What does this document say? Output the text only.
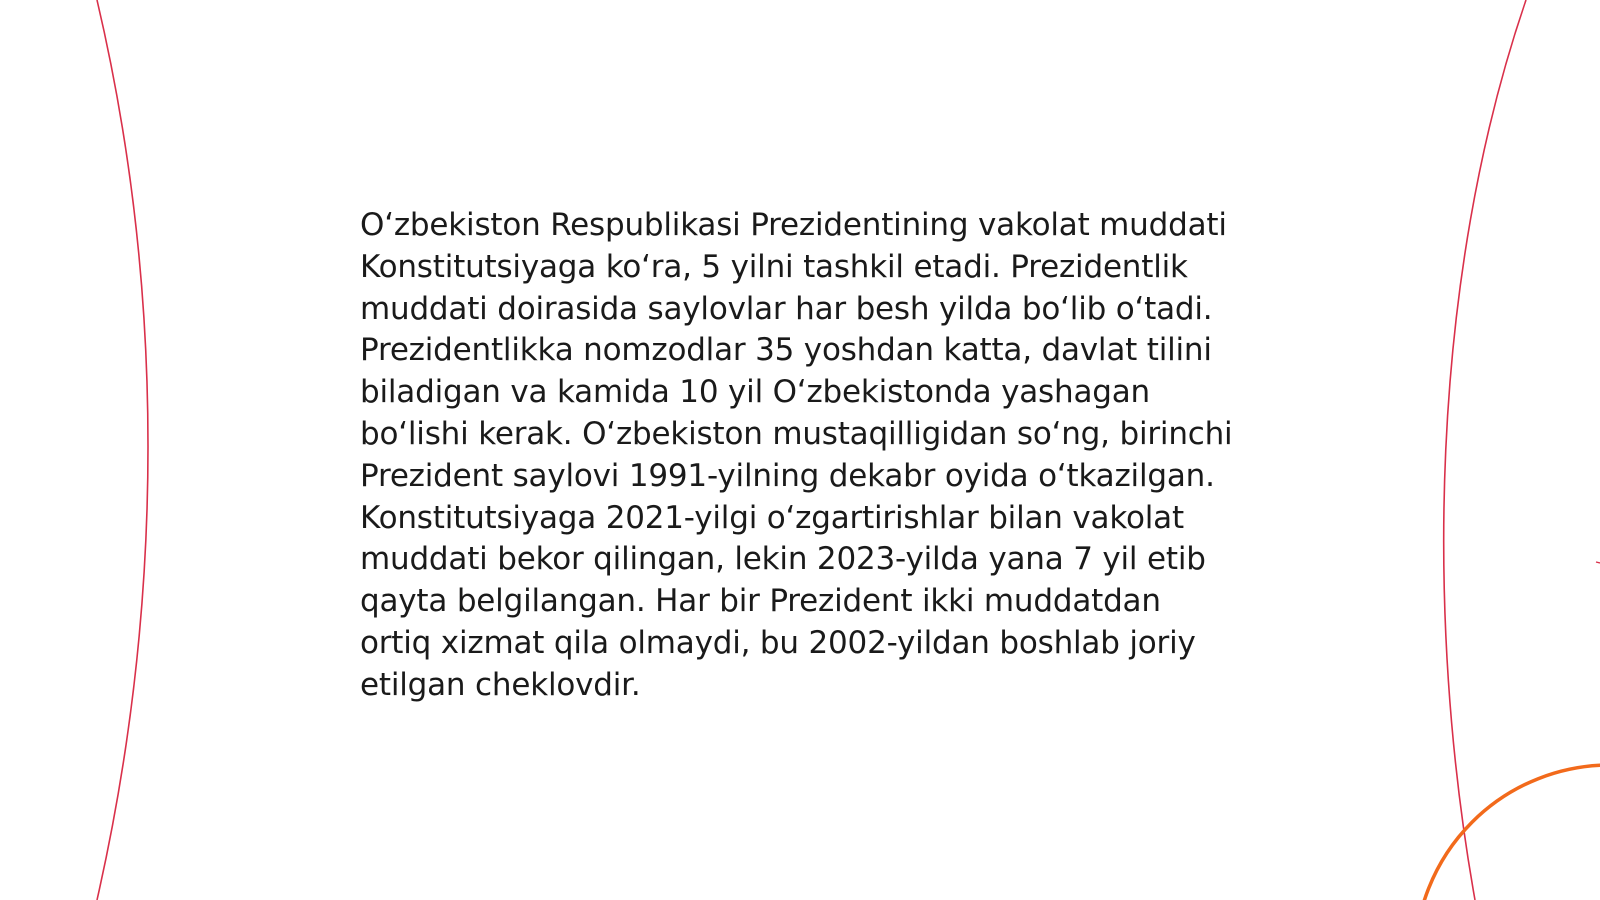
Oʻzbekiston Respublikasi Prezidentining vakolat muddati Konstitutsiyaga koʻra, 5 yilni tashkil etadi. Prezidentlik muddati doirasida saylovlar har besh yilda boʻlib oʻtadi. Prezidentlikka nomzodlar 35 yoshdan katta, davlat tilini biladigan va kamida 10 yil Oʻzbekistonda yashagan boʻlishi kerak. Oʻzbekiston mustaqilligidan soʻng, birinchi Prezident saylovi 1991-yilning dekabr oyida oʻtkazilgan. Konstitutsiyaga 2021-yilgi oʻzgartirishlar bilan vakolat muddati bekor qilingan, lekin 2023-yilda yana 7 yil etib qayta belgilangan. Har bir Prezident ikki muddatdan ortiq xizmat qila olmaydi, bu 2002-yildan boshlab joriy etilgan cheklovdir.
